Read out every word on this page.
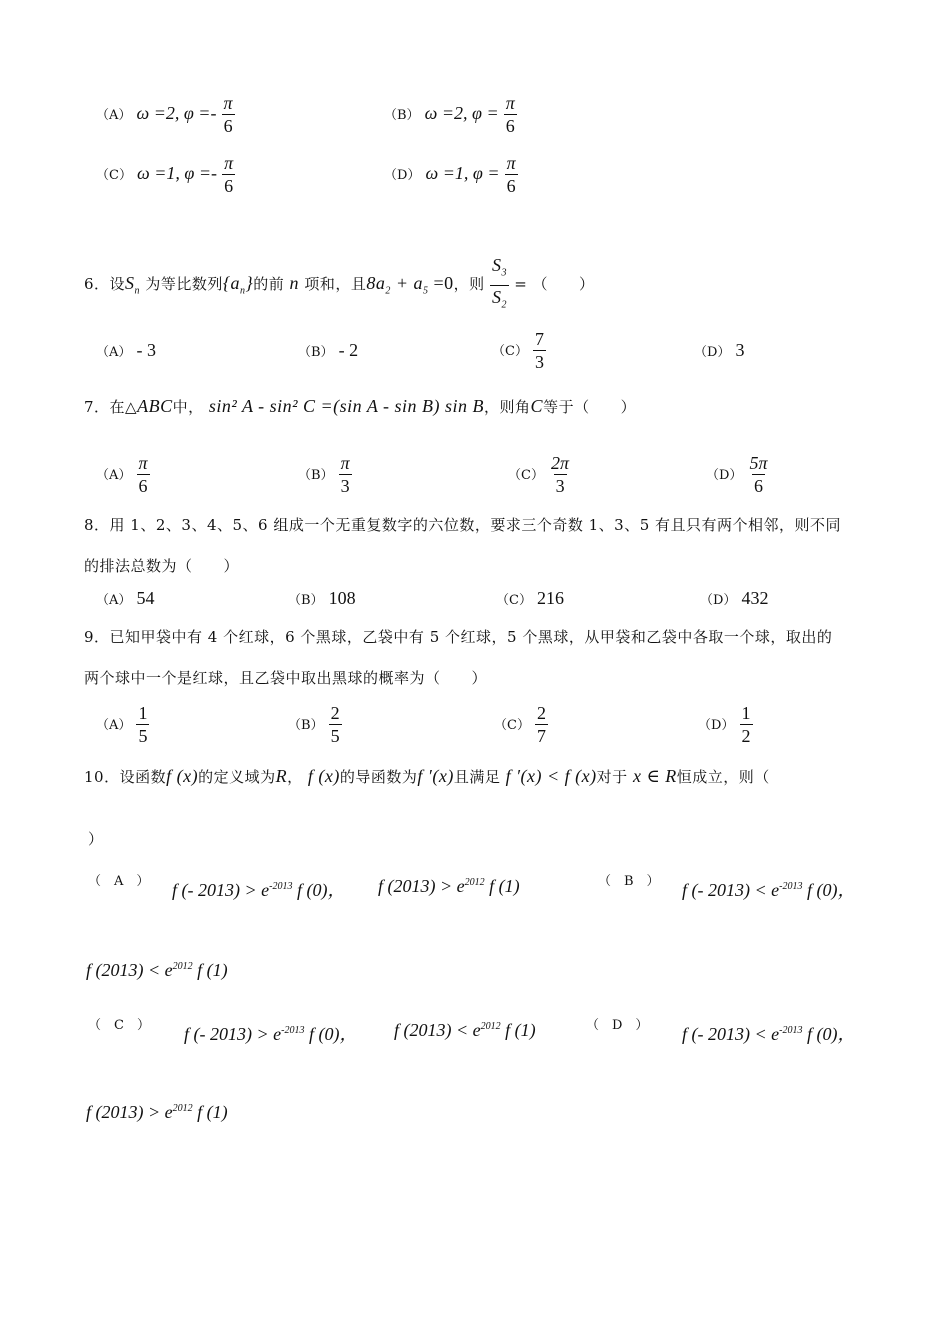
（A） ω =2, $\varphi =- \frac{\pi}{6}$	（B） ω =2, $\varphi = \frac{\pi}{6}$
（C） ω =1, $\varphi =- \frac{\pi}{6}$	（D） ω =1, $\varphi = \frac{\pi}{6}$
6．设$S_n$ 为等比数列$\{a_n\}$的前 n 项和，且$8a_2 + a_5 =0$，则 $\frac{S_3}{S_2}$ = （　　）
（A） - 3	（B） - 2	$(C) \frac{7}{3}$	（D） 3
7．在△ABC中， sin² A - sin² C =(sin A - sin B) sin B，则角C等于（　　）
$(A) \frac{\pi}{6}$	$(B) \frac{\pi}{3}$	$(C) \frac{2\pi}{3}$	$(D) \frac{5\pi}{6}$
8．用 1、2、3、4、5、6 组成一个无重复数字的六位数，要求三个奇数 1、3、5 有且只有两个相邻，则不同
的排法总数为（　　）
（A） 54	（B） 108	（C） 216	（D） 432
9．已知甲袋中有 4 个红球，6 个黑球，乙袋中有 5 个红球，5 个黑球，从甲袋和乙袋中各取一个球，取出的
两个球中一个是红球，且乙袋中取出黑球的概率为（　　）
$(A) \frac{1}{5}$	$(B) \frac{2}{5}$	$(C) \frac{2}{7}$	$(D) \frac{1}{2}$
10．设函数f (x)的定义域为R， f (x)的导函数为f ′(x)且满足 f ′(x) < f (x)对于 x ∈ R恒成立，则（
）
（　A　） f (- $2013) > e^{-2013}$ f (0)， f $(2013) > e^{2012}$ f (1)	（　B　） f (- $2013) < e^{-2013}$ f (0)，
f $(2013) < e^{2012}$ f (1)
（　C　） f (- $2013) > e^{-2013}$ f (0)， f $(2013) < e^{2012}$ f (1)	（　D　） f (- $2013) < e^{-2013}$ f (0)，
f $(2013) > e^{2012}$ f (1)
